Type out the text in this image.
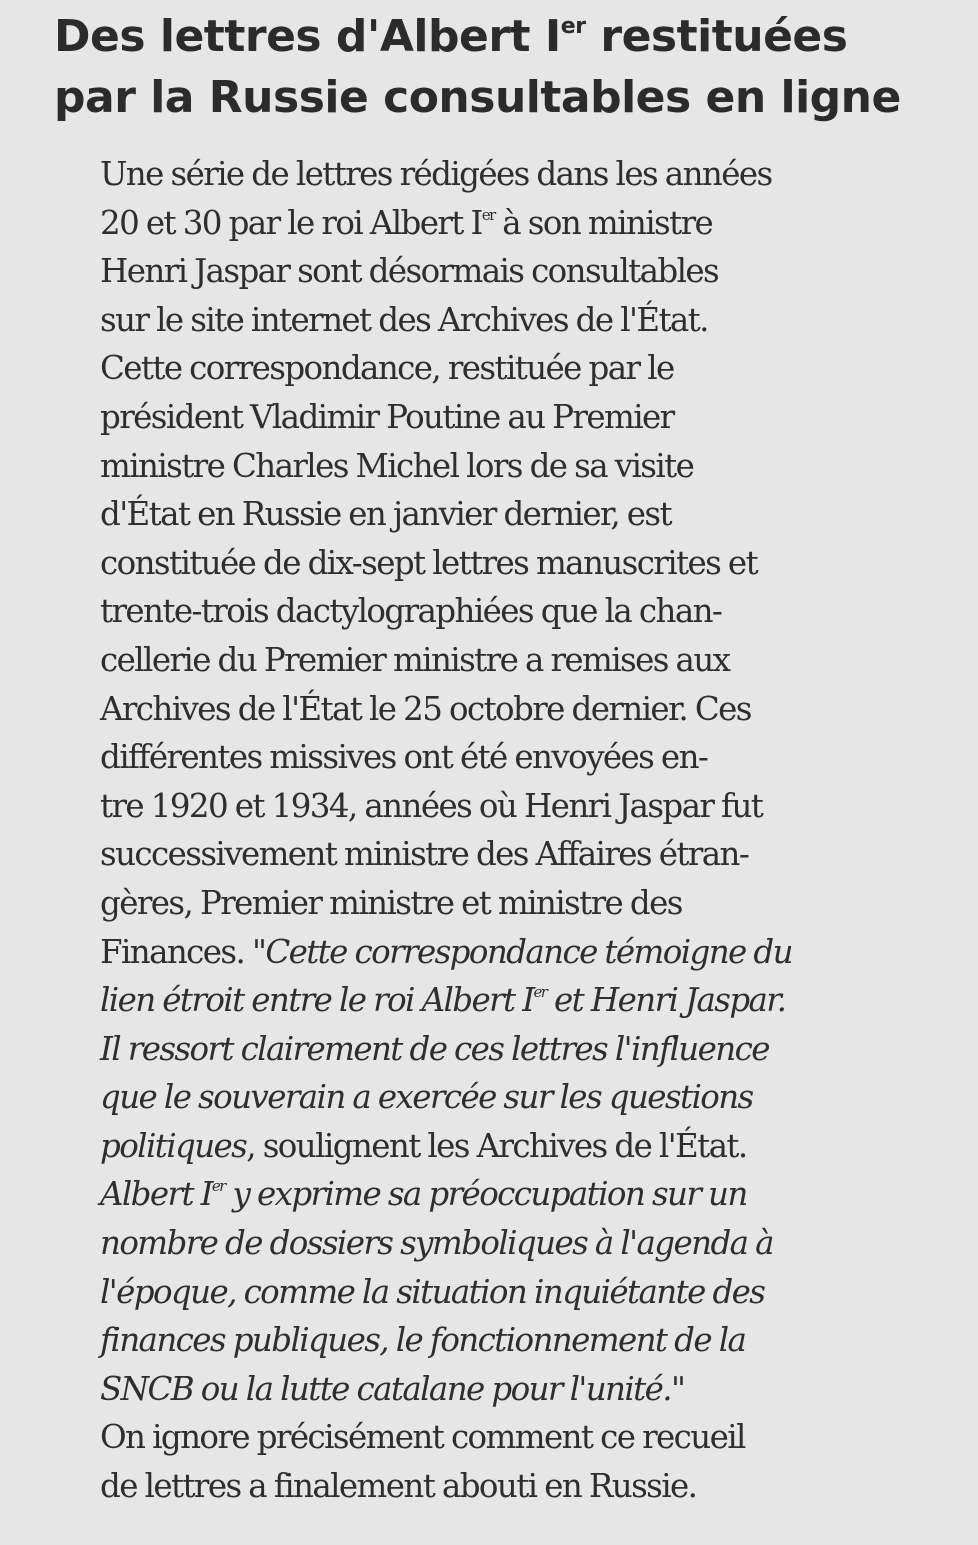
Des lettres d'Albert Ier restituées
par la Russie consultables en ligne
Une série de lettres rédigées dans les années
20 et 30 par le roi Albert Ier à son ministre
Henri Jaspar sont désormais consultables
sur le site internet des Archives de l'État.
Cette correspondance, restituée par le
président Vladimir Poutine au Premier
ministre Charles Michel lors de sa visite
d'État en Russie en janvier dernier, est
constituée de dix-sept lettres manuscrites et
trente-trois dactylographiées que la chan-
cellerie du Premier ministre a remises aux
Archives de l'État le 25 octobre dernier. Ces
différentes missives ont été envoyées en-
tre 1920 et 1934, années où Henri Jaspar fut
successivement ministre des Affaires étran-
gères, Premier ministre et ministre des
Finances. "Cette correspondance témoigne du
lien étroit entre le roi Albert Ier et Henri Jaspar.
Il ressort clairement de ces lettres l'influence
que le souverain a exercée sur les questions
politiques, soulignent les Archives de l'État.
Albert Ier y exprime sa préoccupation sur un
nombre de dossiers symboliques à l'agenda à
l'époque, comme la situation inquiétante des
finances publiques, le fonctionnement de la
SNCB ou la lutte catalane pour l'unité."
On ignore précisément comment ce recueil
de lettres a finalement abouti en Russie.
